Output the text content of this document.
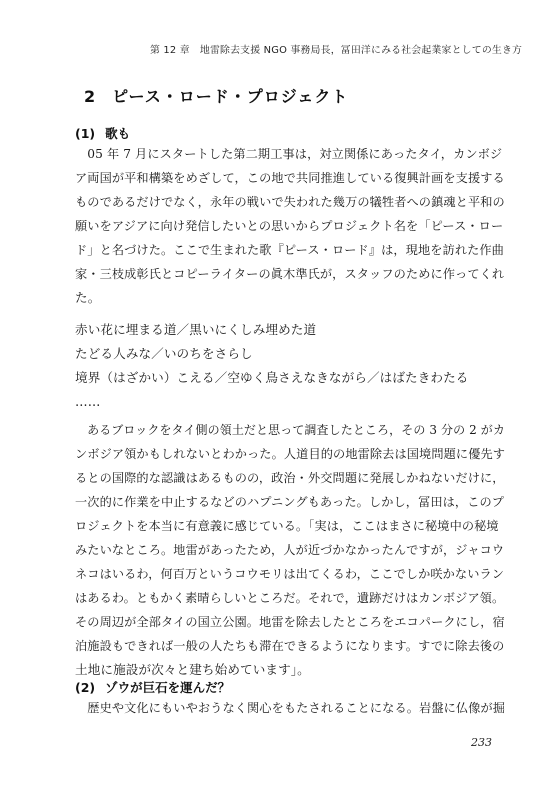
第 12 章　地雷除去支援 NGO 事務局長，冨田洋にみる社会起業家としての生き方
2 ピース・ロード・プロジェクト
(1) 歌も

　05 年 7 月にスタートした第二期工事は，対立関係にあったタイ，カンボジ

ア両国が平和構築をめざして，この地で共同推進している復興計画を支援する

ものであるだけでなく，永年の戦いで失われた幾万の犠牲者への鎮魂と平和の

願いをアジアに向け発信したいとの思いからプロジェクト名を「ピース・ロー

ド」と名づけた。ここで生まれた歌『ピース・ロード』は，現地を訪れた作曲

家・三枝成彰氏とコピーライターの眞木準氏が，スタッフのために作ってくれ

た。

赤い花に埋まる道／黒いにくしみ埋めた道

たどる人みな／いのちをさらし

境界（はざかい）こえる／空ゆく鳥さえなきながら／はばたきわたる

……

　あるブロックをタイ側の領土だと思って調査したところ，その 3 分の 2 がカ

ンボジア領かもしれないとわかった。人道目的の地雷除去は国境問題に優先す

るとの国際的な認識はあるものの，政治・外交問題に発展しかねないだけに，

一次的に作業を中止するなどのハプニングもあった。しかし，冨田は，このプ

ロジェクトを本当に有意義に感じている。「実は，ここはまさに秘境中の秘境

みたいなところ。地雷があったため，人が近づかなかったんですが，ジャコウ

ネコはいるわ，何百万というコウモリは出てくるわ，ここでしか咲かないラン

はあるわ。ともかく素晴らしいところだ。それで，遺跡だけはカンボジア領。

その周辺が全部タイの国立公園。地雷を除去したところをエコパークにし，宿

泊施設もできれば一般の人たちも滞在できるようになります。すでに除去後の

土地に施設が次々と建ち始めています」。

(2) ゾウが巨石を運んだ？

　歴史や文化にもいやおうなく関心をもたされることになる。岩盤に仏像が掘

233
